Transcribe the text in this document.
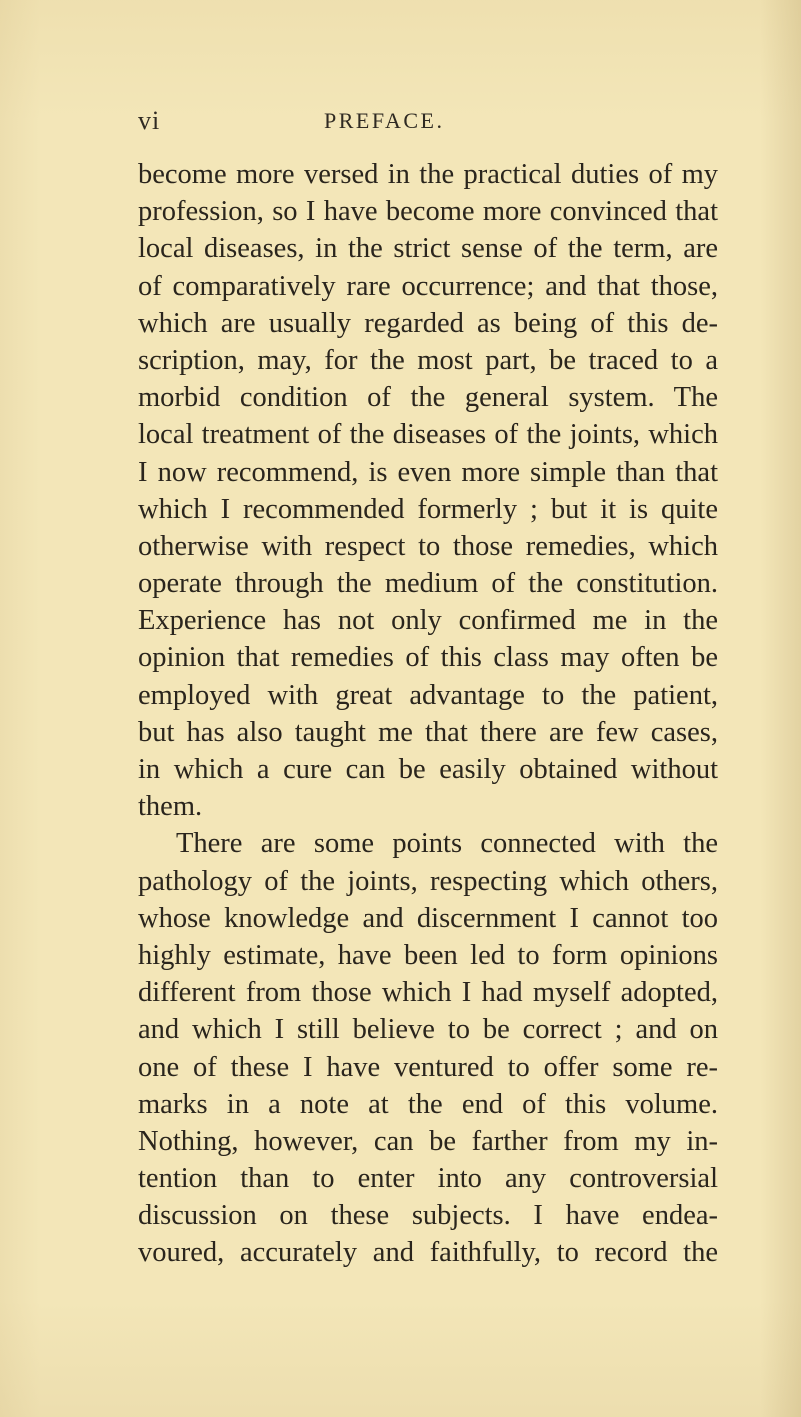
vi	PREFACE.
become more versed in the practical duties of my
profession, so I have become more convinced that
local diseases, in the strict sense of the term, are
of comparatively rare occurrence; and that those,
which are usually regarded as being of this de-
scription, may, for the most part, be traced to a
morbid condition of the general system. The
local treatment of the diseases of the joints, which
I now recommend, is even more simple than that
which I recommended formerly ; but it is quite
otherwise with respect to those remedies, which
operate through the medium of the constitution.
Experience has not only confirmed me in the
opinion that remedies of this class may often be
employed with great advantage to the patient,
but has also taught me that there are few cases,
in which a cure can be easily obtained without
them.
There are some points connected with the
pathology of the joints, respecting which others,
whose knowledge and discernment I cannot too
highly estimate, have been led to form opinions
different from those which I had myself adopted,
and which I still believe to be correct ; and on
one of these I have ventured to offer some re-
marks in a note at the end of this volume.
Nothing, however, can be farther from my in-
tention than to enter into any controversial
discussion on these subjects. I have endea-
voured, accurately and faithfully, to record the
